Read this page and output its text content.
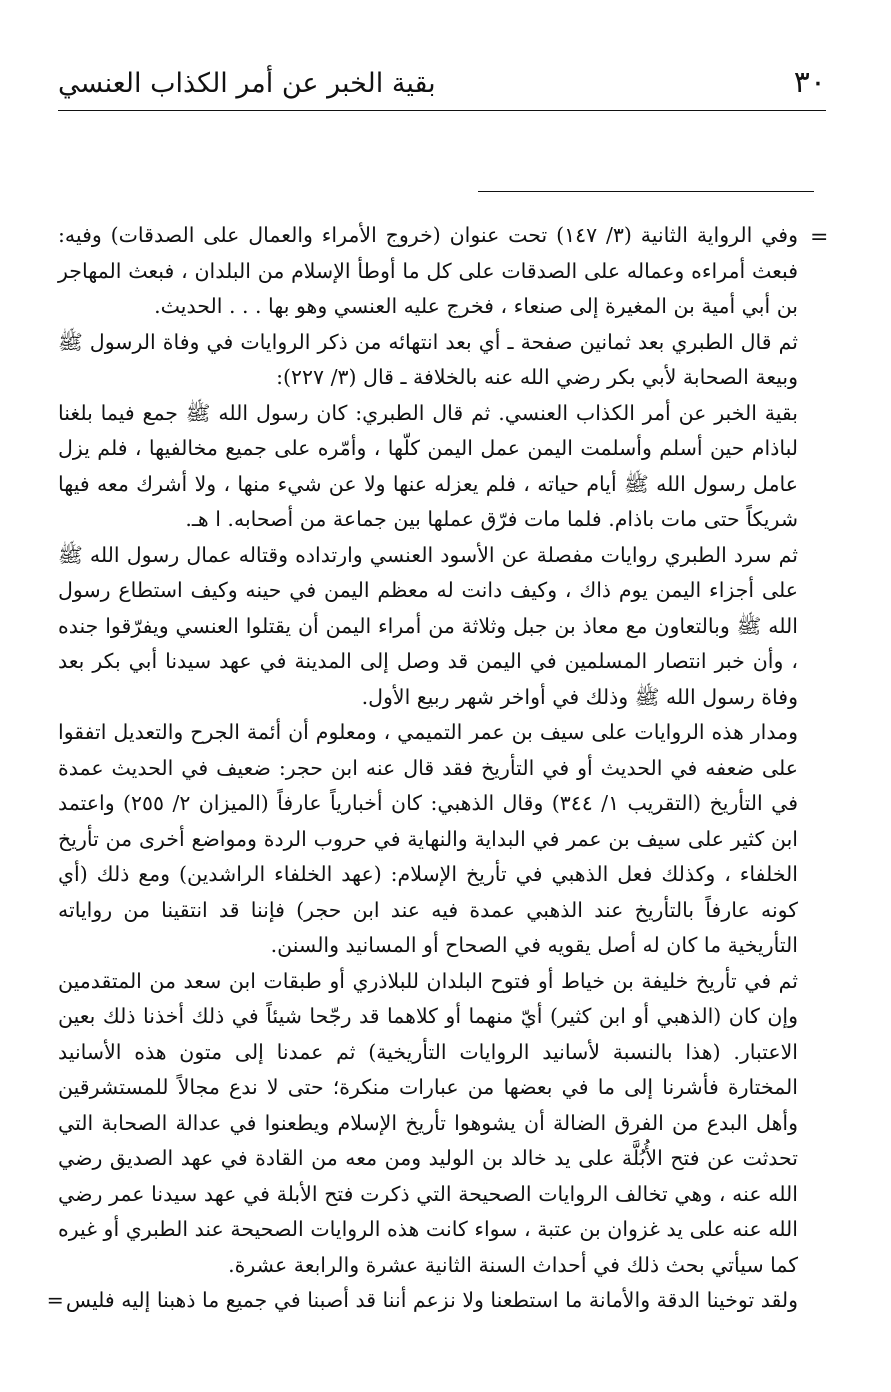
٣٠
بقية الخبر عن أمر الكذاب العنسي
=

وفي الرواية الثانية (٣/ ١٤٧) تحت عنوان (خروج الأمراء والعمال على الصدقات) وفيه: فبعث أمراءه وعماله على الصدقات على كل ما أوطأ الإسلام من البلدان ، فبعث المهاجر بن أبي أمية بن المغيرة إلى صنعاء ، فخرج عليه العنسي وهو بها . . . الحديث.

ثم قال الطبري بعد ثمانين صفحة ـ أي بعد انتهائه من ذكر الروايات في وفاة الرسول ﷺ وبيعة الصحابة لأبي بكر رضي الله عنه بالخلافة ـ قال (٣/ ٢٢٧):

بقية الخبر عن أمر الكذاب العنسي. ثم قال الطبري: كان رسول الله ﷺ جمع فيما بلغنا لباذام حين أسلم وأسلمت اليمن عمل اليمن كلّها ، وأمّره على جميع مخالفيها ، فلم يزل عامل رسول الله ﷺ أيام حياته ، فلم يعزله عنها ولا عن شيء منها ، ولا أشرك معه فيها شريكاً حتى مات باذام. فلما مات فرّق عملها بين جماعة من أصحابه. ا هـ.

ثم سرد الطبري روايات مفصلة عن الأسود العنسي وارتداده وقتاله عمال رسول الله ﷺ على أجزاء اليمن يوم ذاك ، وكيف دانت له معظم اليمن في حينه وكيف استطاع رسول الله ﷺ وبالتعاون مع معاذ بن جبل وثلاثة من أمراء اليمن أن يقتلوا العنسي ويفرّقوا جنده ، وأن خبر انتصار المسلمين في اليمن قد وصل إلى المدينة في عهد سيدنا أبي بكر بعد وفاة رسول الله ﷺ وذلك في أواخر شهر ربيع الأول.

ومدار هذه الروايات على سيف بن عمر التميمي ، ومعلوم أن أئمة الجرح والتعديل اتفقوا على ضعفه في الحديث أو في التأريخ فقد قال عنه ابن حجر: ضعيف في الحديث عمدة في التأريخ (التقريب ١/ ٣٤٤) وقال الذهبي: كان أخبارياً عارفاً (الميزان ٢/ ٢٥٥) واعتمد ابن كثير على سيف بن عمر في البداية والنهاية في حروب الردة ومواضع أخرى من تأريخ الخلفاء ، وكذلك فعل الذهبي في تأريخ الإسلام: (عهد الخلفاء الراشدين) ومع ذلك (أي كونه عارفاً بالتأريخ عند الذهبي عمدة فيه عند ابن حجر) فإننا قد انتقينا من رواياته التأريخية ما كان له أصل يقويه في الصحاح أو المسانيد والسنن.

ثم في تأريخ خليفة بن خياط أو فتوح البلدان للبلاذري أو طبقات ابن سعد من المتقدمين وإن كان (الذهبي أو ابن كثير) أيّ منهما أو كلاهما قد رجّحا شيئاً في ذلك أخذنا ذلك بعين الاعتبار. (هذا بالنسبة لأسانيد الروايات التأريخية) ثم عمدنا إلى متون هذه الأسانيد المختارة فأشرنا إلى ما في بعضها من عبارات منكرة؛ حتى لا ندع مجالاً للمستشرقين وأهل البدع من الفرق الضالة أن يشوهوا تأريخ الإسلام ويطعنوا في عدالة الصحابة التي تحدثت عن فتح الأُبُلَّة على يد خالد بن الوليد ومن معه من القادة في عهد الصديق رضي الله عنه ، وهي تخالف الروايات الصحيحة التي ذكرت فتح الأبلة في عهد سيدنا عمر رضي الله عنه على يد غزوان بن عتبة ، سواء كانت هذه الروايات الصحيحة عند الطبري أو غيره كما سيأتي بحث ذلك في أحداث السنة الثانية عشرة والرابعة عشرة.

ولقد توخينا الدقة والأمانة ما استطعنا ولا نزعم أننا قد أصبنا في جميع ما ذهبنا إليه فليس=
